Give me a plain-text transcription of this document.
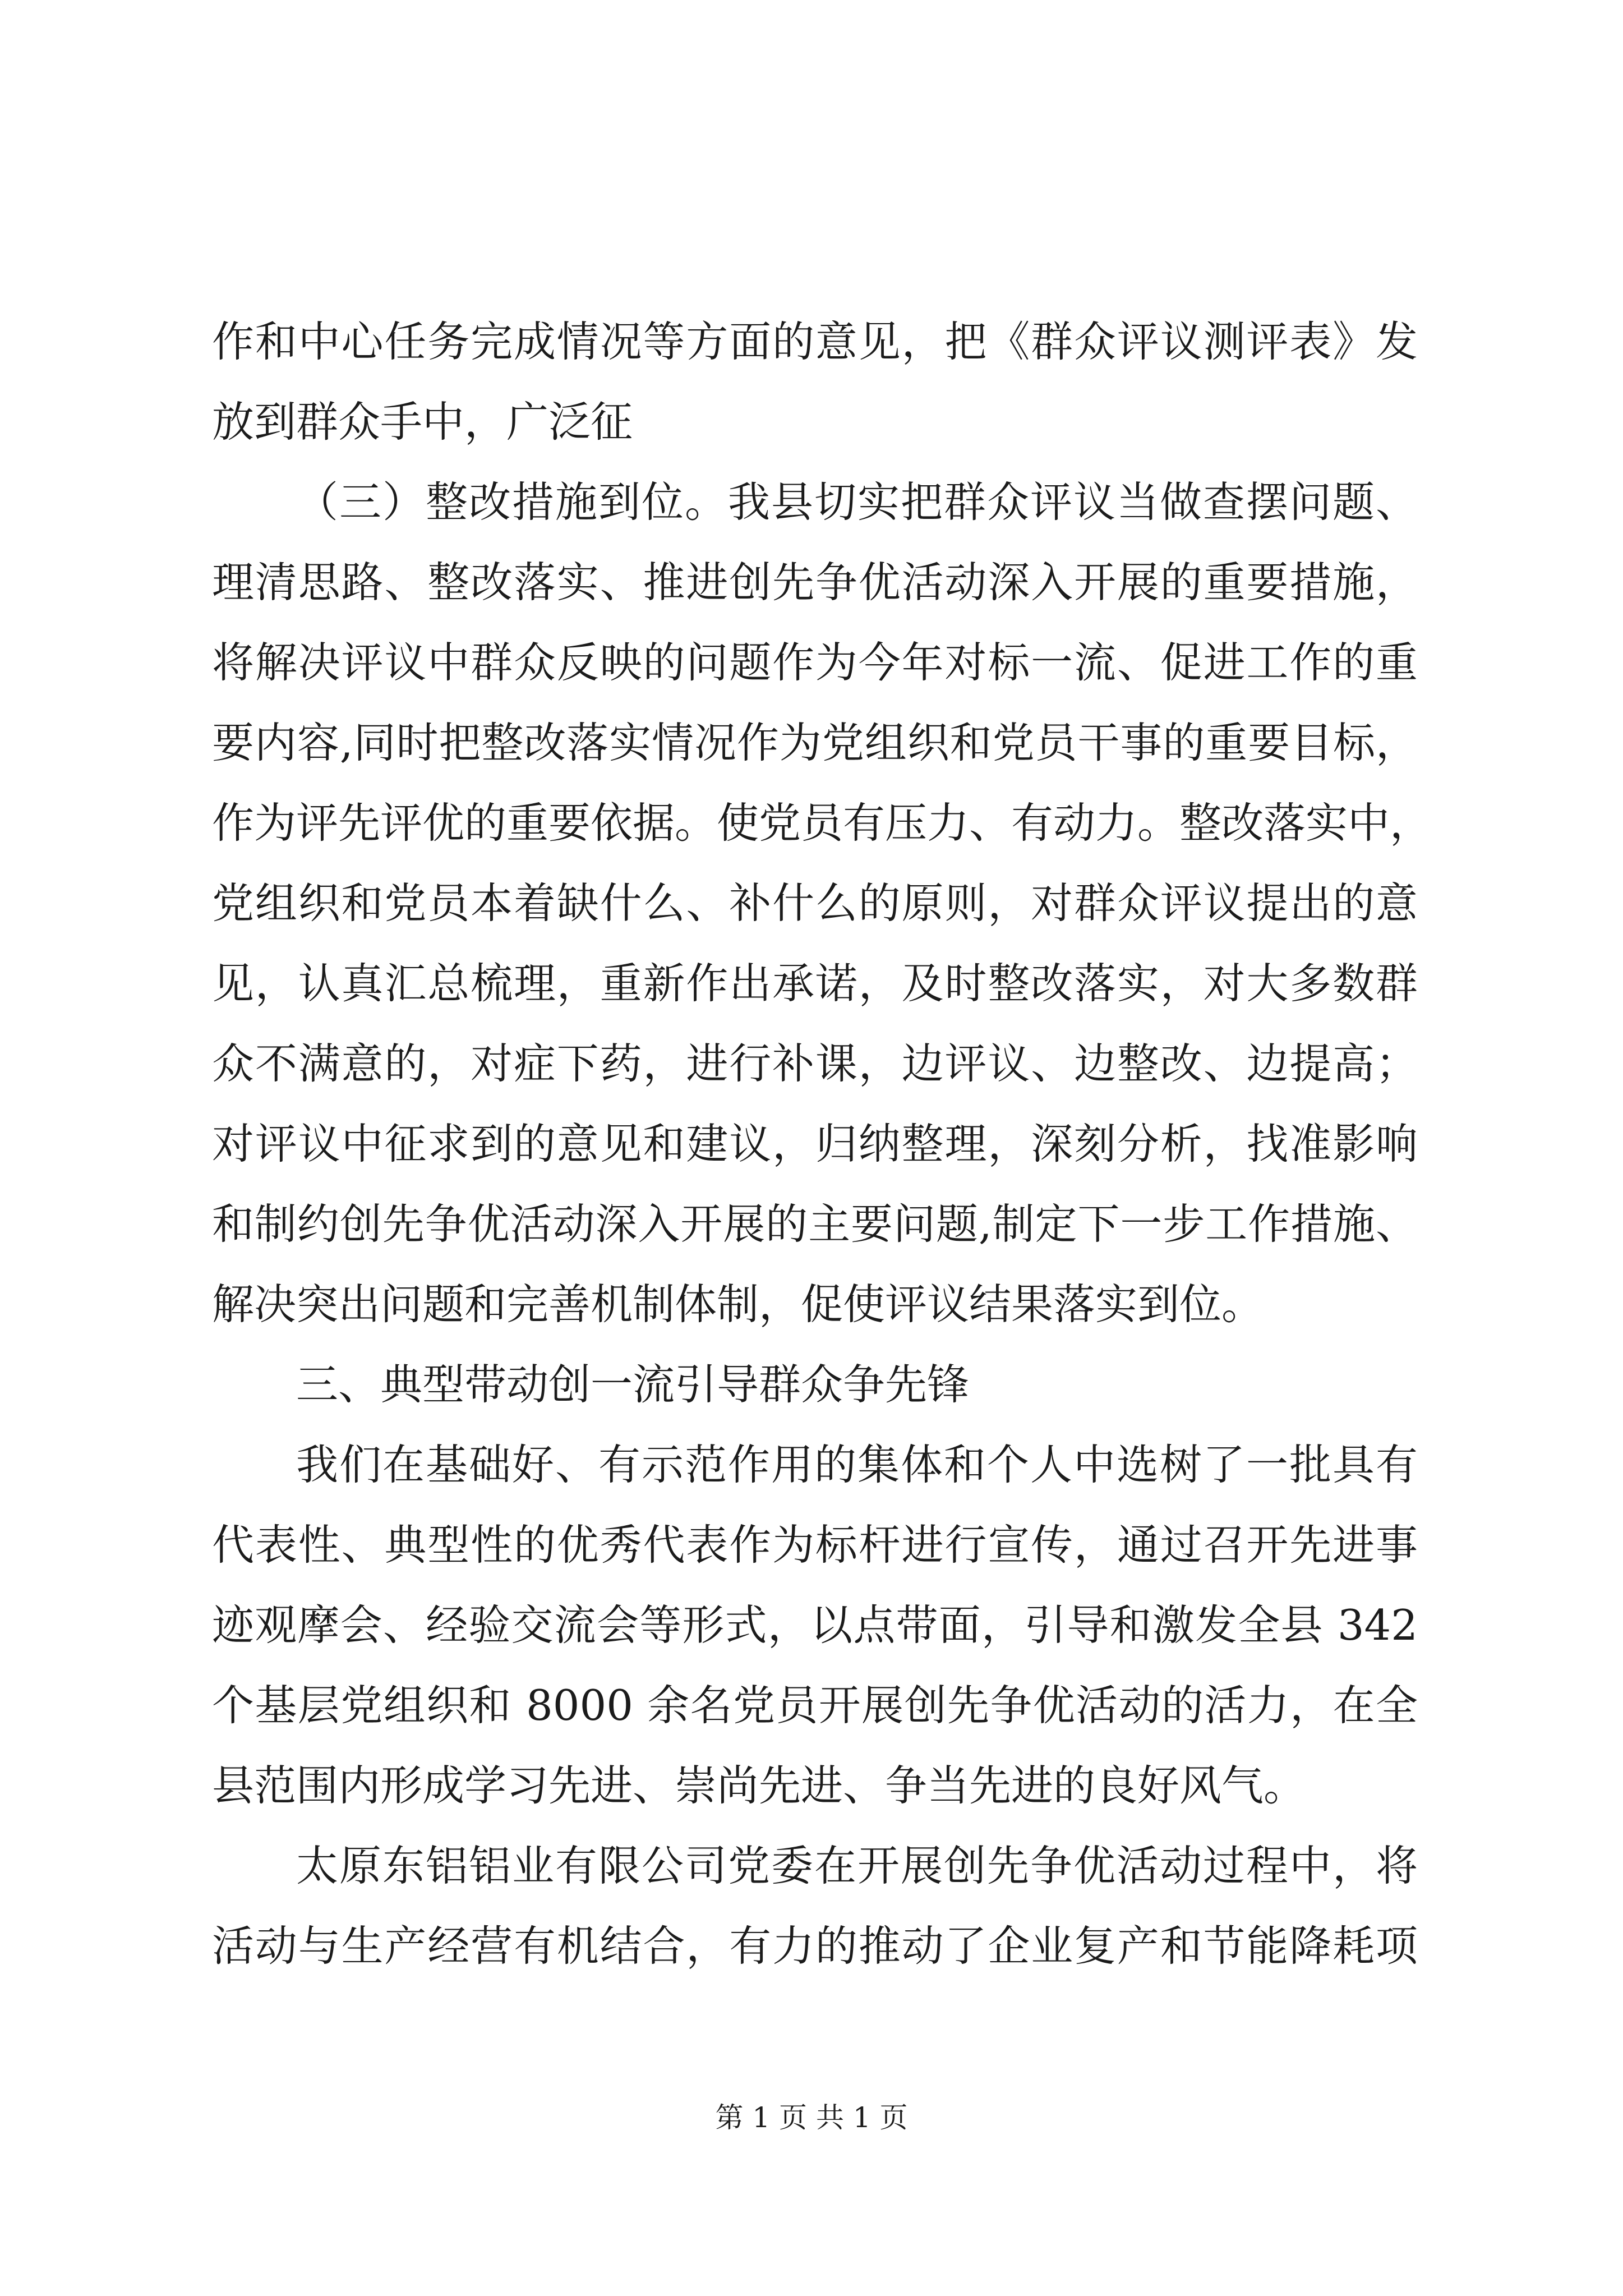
作和中心任务完成情况等方面的意见，把《群众评议测评表》发
放到群众手中，广泛征
（三）整改措施到位。我县切实把群众评议当做查摆问题、
理清思路、整改落实、推进创先争优活动深入开展的重要措施，
将解决评议中群众反映的问题作为今年对标一流、促进工作的重
要内容,同时把整改落实情况作为党组织和党员干事的重要目标，
作为评先评优的重要依据。使党员有压力、有动力。整改落实中，
党组织和党员本着缺什么、补什么的原则，对群众评议提出的意
见，认真汇总梳理，重新作出承诺，及时整改落实，对大多数群
众不满意的，对症下药，进行补课，边评议、边整改、边提高；
对评议中征求到的意见和建议，归纳整理，深刻分析，找准影响
和制约创先争优活动深入开展的主要问题,制定下一步工作措施、
解决突出问题和完善机制体制，促使评议结果落实到位。
三、典型带动创一流引导群众争先锋
我们在基础好、有示范作用的集体和个人中选树了一批具有
代表性、典型性的优秀代表作为标杆进行宣传，通过召开先进事
迹观摩会、经验交流会等形式，以点带面，引导和激发全县 342
个基层党组织和 8000 余名党员开展创先争优活动的活力，在全
县范围内形成学习先进、崇尚先进、争当先进的良好风气。
太原东铝铝业有限公司党委在开展创先争优活动过程中，将
活动与生产经营有机结合，有力的推动了企业复产和节能降耗项
第 1 页 共 1 页
